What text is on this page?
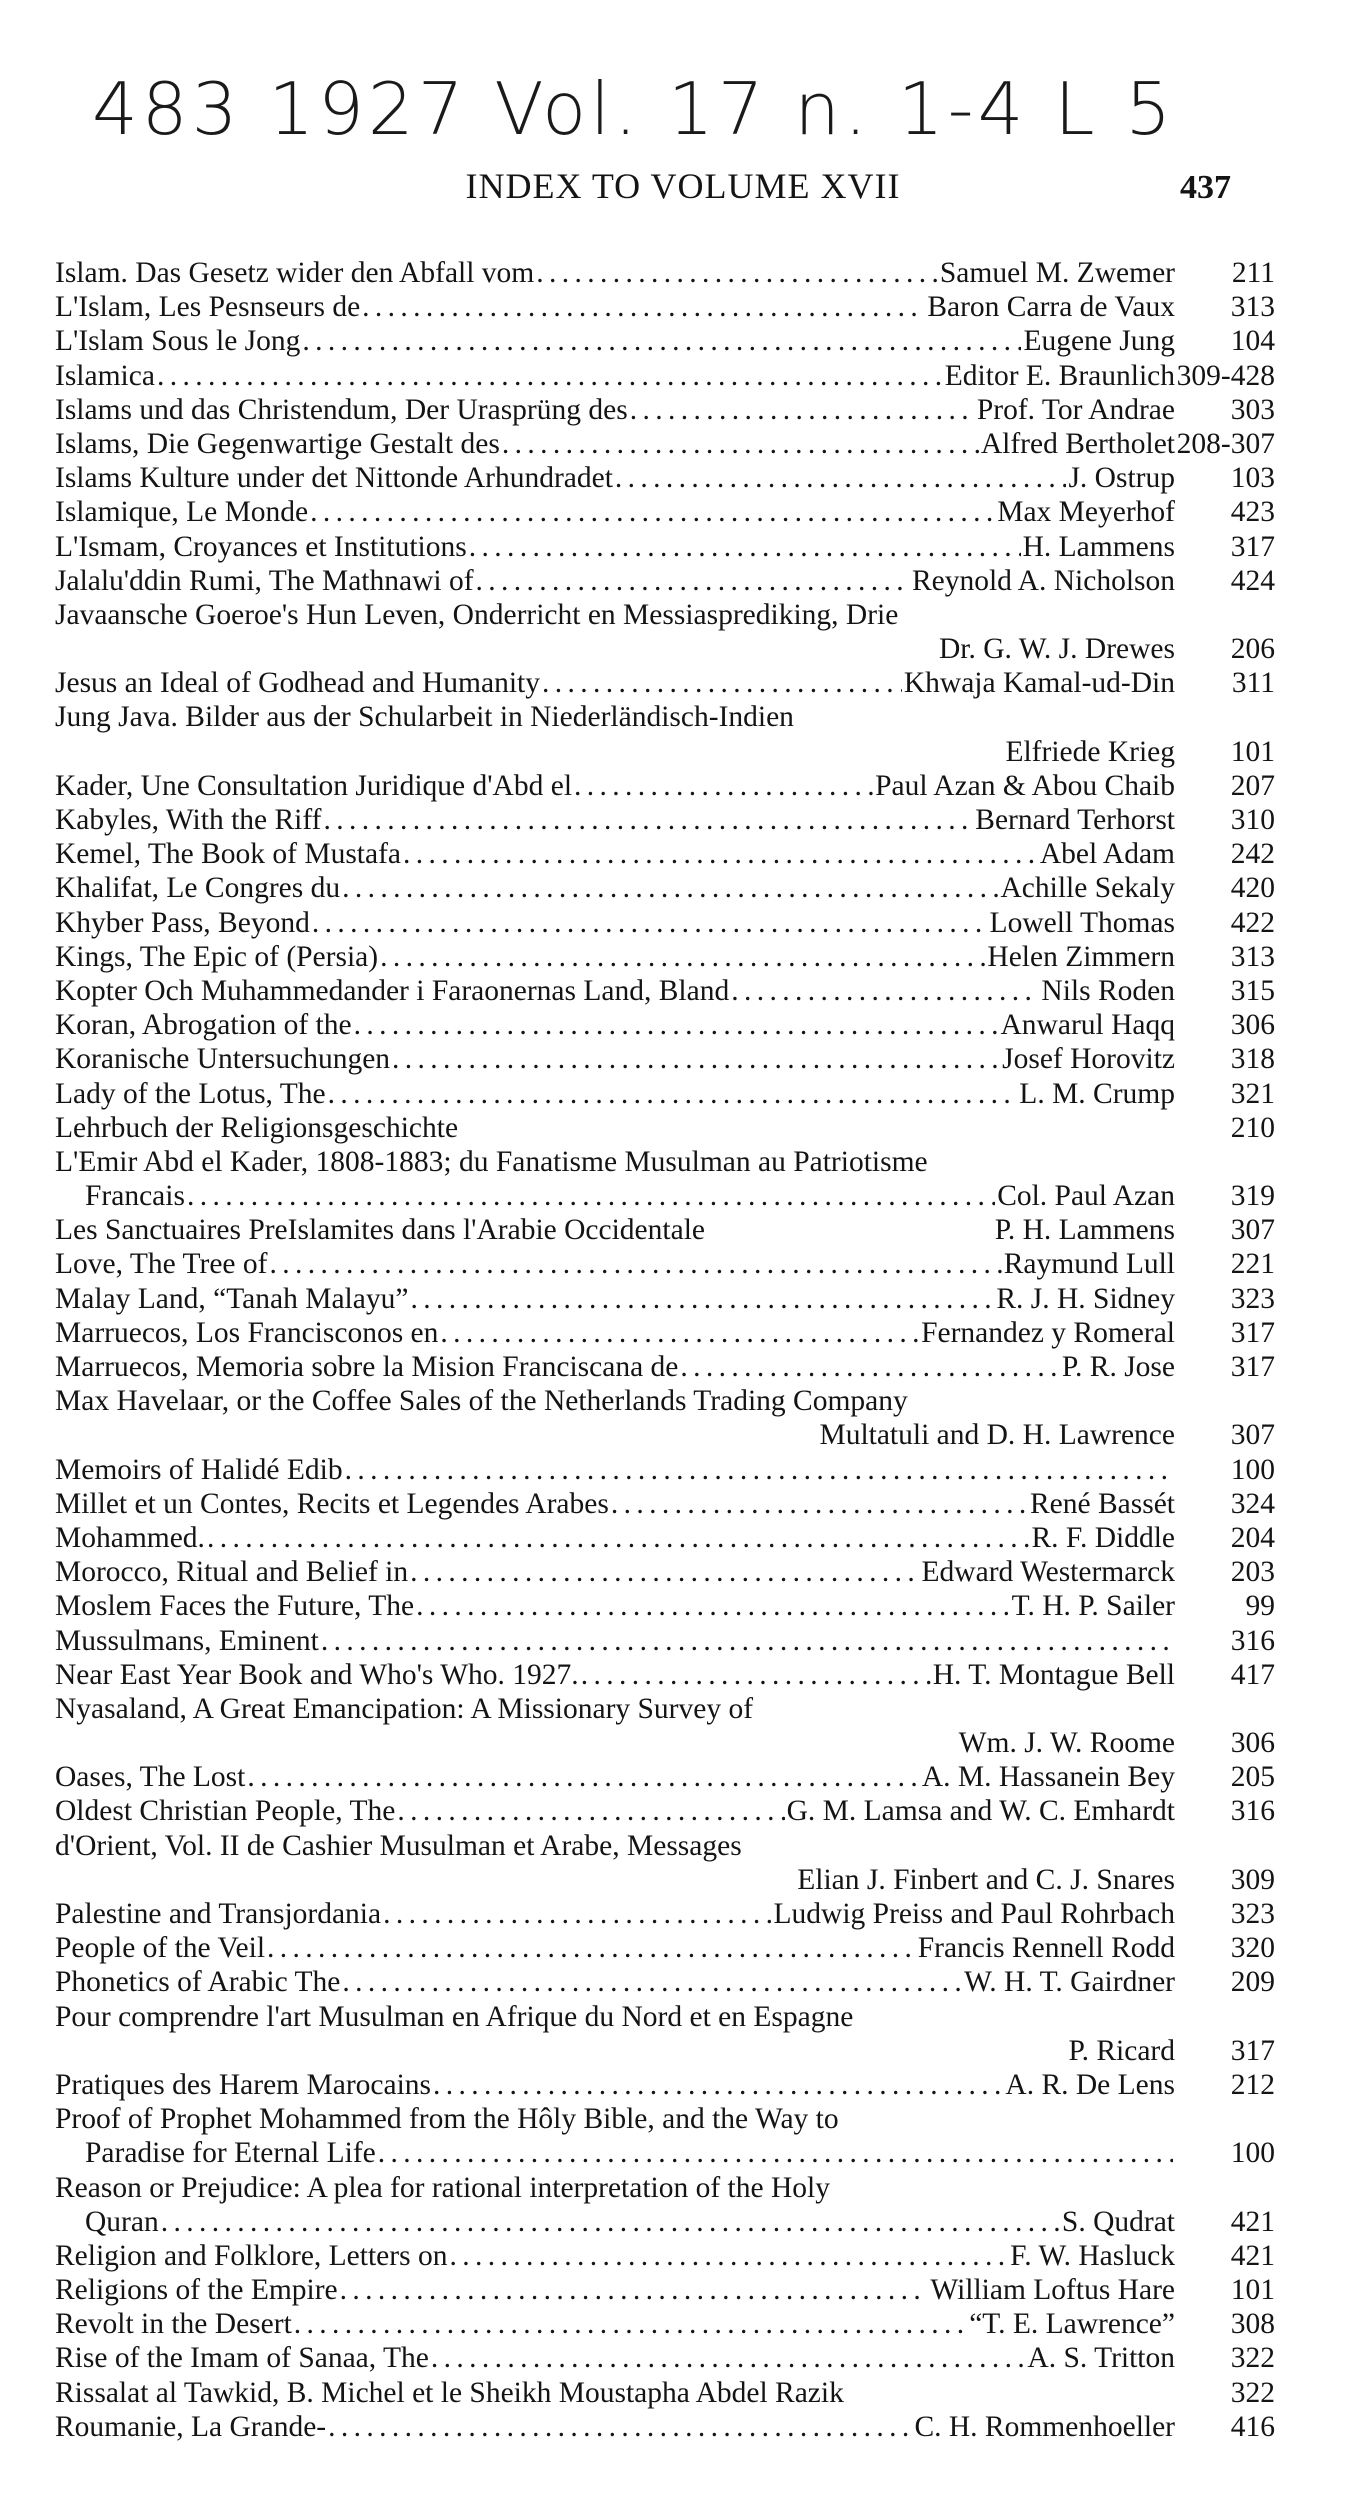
483 1927 Vol. 17 n. 1-4 L 5
INDEX TO VOLUME XVII	437
Islam. Das Gesetz wider den Abfall vom . . .	Samuel M. Zwemer	211
L'Islam, Les Pesnseurs de . . .	Baron Carra de Vaux	313
L'Islam Sous le Jong . . .	Eugene Jung	104
Islamica . . .	Editor E. Braunlich 309-428
Islams und das Christendum, Der Urasprüng des . . .	Prof. Tor Andrae	303
Islams, Die Gegenwartige Gestalt des . . .	Alfred Bertholet 208-307
Islams Kulture under det Nittonde Arhundradet . . .	J. Ostrup	103
Islamique, Le Monde . . .	Max Meyerhof	423
L'Ismam, Croyances et Institutions . . .	H. Lammens	317
Jalalu'ddin Rumi, The Mathnawi of . . .	Reynold A. Nicholson	424
Javaansche Goeroe's Hun Leven, Onderricht en Messiasprediking, Drie
Dr. G. W. J. Drewes	206
Jesus an Ideal of Godhead and Humanity . . .	Khwaja Kamal-ud-Din	311
Jung Java. Bilder aus der Schularbeit in Niederländisch-Indien
Elfriede Krieg	101
Kader, Une Consultation Juridique d'Abd el . . .	Paul Azan & Abou Chaib	207
Kabyles, With the Riff . . .	Bernard Terhorst	310
Kemel, The Book of Mustafa . . .	Abel Adam	242
Khalifat, Le Congres du . . .	Achille Sekaly	420
Khyber Pass, Beyond . . .	Lowell Thomas	422
Kings, The Epic of (Persia) . . .	Helen Zimmern	313
Kopter Och Muhammedander i Faraonernas Land, Bland . . .	Nils Roden	315
Koran, Abrogation of the . . .	Anwarul Haqq	306
Koranische Untersuchungen . . .	Josef Horovitz	318
Lady of the Lotus, The . . .	L. M. Crump	321
Lehrbuch der Religionsgeschichte	210
L'Emir Abd el Kader, 1808-1883; du Fanatisme Musulman au Patriotisme
Francais . . .	Col. Paul Azan	319
Les Sanctuaires PreIslamites dans l'Arabie Occidentale	P. H. Lammens	307
Love, The Tree of . . .	Raymund Lull	221
Malay Land, “Tanah Malayu” . . .	R. J. H. Sidney	323
Marruecos, Los Francisconos en . . .	Fernandez y Romeral	317
Marruecos, Memoria sobre la Mision Franciscana de . . .	P. R. Jose	317
Max Havelaar, or the Coffee Sales of the Netherlands Trading Company
Multatuli and D. H. Lawrence	307
Memoirs of Halidé Edib . . .	100
Millet et un Contes, Recits et Legendes Arabes . . .	René Bassét	324
Mohammed. . . .	R. F. Diddle	204
Morocco, Ritual and Belief in . . .	Edward Westermarck	203
Moslem Faces the Future, The . . .	T. H. P. Sailer	99
Mussulmans, Eminent . . .	316
Near East Year Book and Who's Who. 1927. . . .	H. T. Montague Bell	417
Nyasaland, A Great Emancipation: A Missionary Survey of
Wm. J. W. Roome	306
Oases, The Lost . . .	A. M. Hassanein Bey	205
Oldest Christian People, The . . .	G. M. Lamsa and W. C. Emhardt	316
d'Orient, Vol. II de Cashier Musulman et Arabe, Messages
Elian J. Finbert and C. J. Snares	309
Palestine and Transjordania . . .	Ludwig Preiss and Paul Rohrbach	323
People of the Veil . . .	Francis Rennell Rodd	320
Phonetics of Arabic The . . .	W. H. T. Gairdner	209
Pour comprendre l'art Musulman en Afrique du Nord et en Espagne
P. Ricard	317
Pratiques des Harem Marocains . . .	A. R. De Lens	212
Proof of Prophet Mohammed from the Hôly Bible, and the Way to
Paradise for Eternal Life . . .	100
Reason or Prejudice: A plea for rational interpretation of the Holy
Quran . . .	S. Qudrat	421
Religion and Folklore, Letters on . . .	F. W. Hasluck	421
Religions of the Empire . . .	William Loftus Hare	101
Revolt in the Desert . . .	“T. E. Lawrence”	308
Rise of the Imam of Sanaa, The . . .	A. S. Tritton	322
Rissalat al Tawkid, B. Michel et le Sheikh Moustapha Abdel Razik	322
Roumanie, La Grande- . . .	C. H. Rommenhoeller	416
